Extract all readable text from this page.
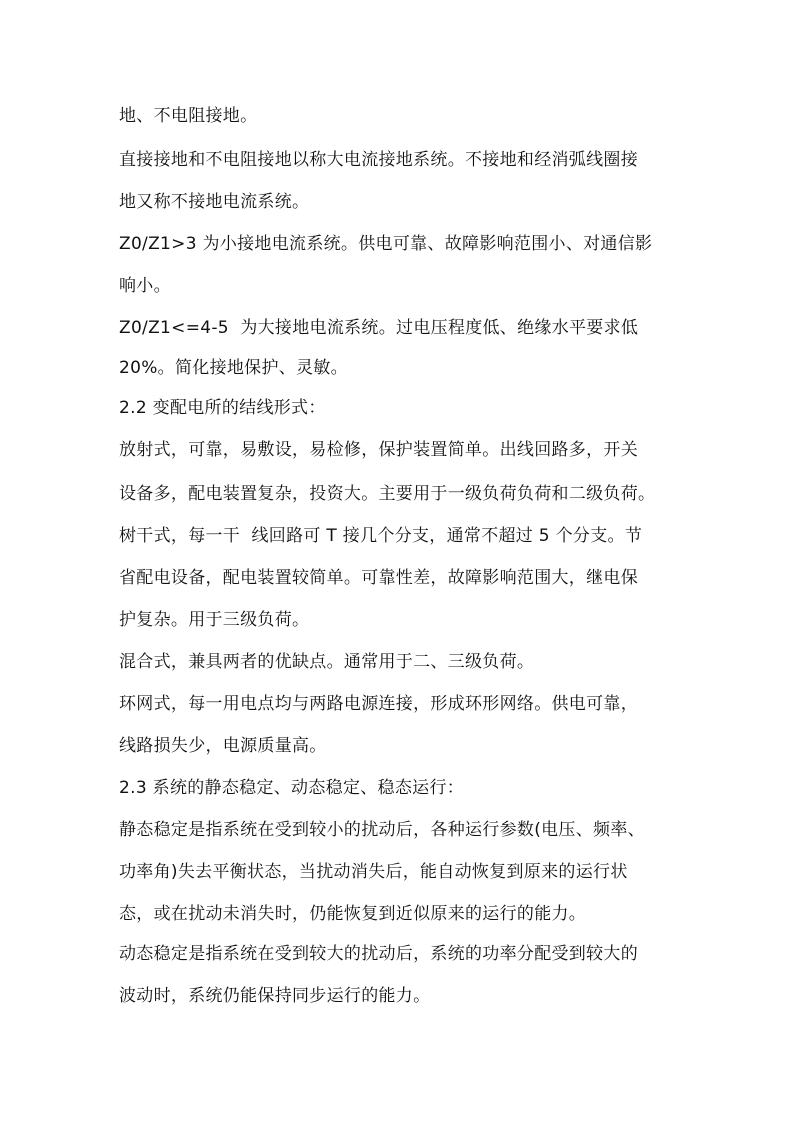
地、不电阻接地。
直接接地和不电阻接地以称大电流接地系统。不接地和经消弧线圈接
地又称不接地电流系统。
Z0/Z1>3 为小接地电流系统。供电可靠、故障影响范围小、对通信影
响小。
Z0/Z1<=4-5  为大接地电流系统。过电压程度低、绝缘水平要求低
20%。简化接地保护、灵敏。
2.2 变配电所的结线形式：
放射式，可靠，易敷设，易检修，保护装置简单。出线回路多，开关
设备多，配电装置复杂，投资大。主要用于一级负荷负荷和二级负荷。
树干式，每一干  线回路可 T 接几个分支，通常不超过 5 个分支。节
省配电设备，配电装置较简单。可靠性差，故障影响范围大，继电保
护复杂。用于三级负荷。
混合式，兼具两者的优缺点。通常用于二、三级负荷。
环网式，每一用电点均与两路电源连接，形成环形网络。供电可靠，
线路损失少，电源质量高。
2.3 系统的静态稳定、动态稳定、稳态运行：
静态稳定是指系统在受到较小的扰动后，各种运行参数(电压、频率、
功率角)失去平衡状态，当扰动消失后，能自动恢复到原来的运行状
态，或在扰动未消失时，仍能恢复到近似原来的运行的能力。
动态稳定是指系统在受到较大的扰动后，系统的功率分配受到较大的
波动时，系统仍能保持同步运行的能力。
